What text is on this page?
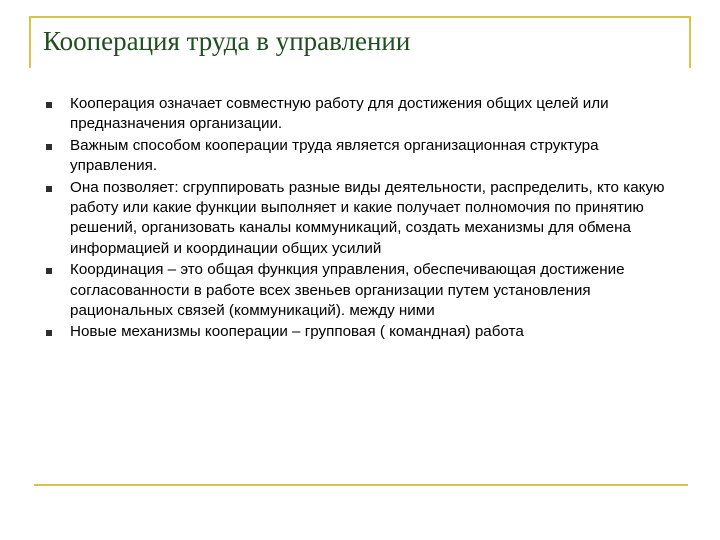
Кооперация труда в управлении
Кооперация означает совместную работу для достижения общих целей или предназначения организации.
Важным способом кооперации труда является организационная структура управления.
Она позволяет: сгруппировать разные виды деятельности, распределить, кто какую работу или какие функции выполняет и какие получает полномочия по принятию решений, организовать каналы коммуникаций, создать механизмы для обмена информацией и координации общих усилий
Координация – это общая функция управления, обеспечивающая достижение согласованности в работе всех звеньев организации путем установления рациональных связей (коммуникаций). между ними
Новые механизмы кооперации – групповая ( командная) работа
